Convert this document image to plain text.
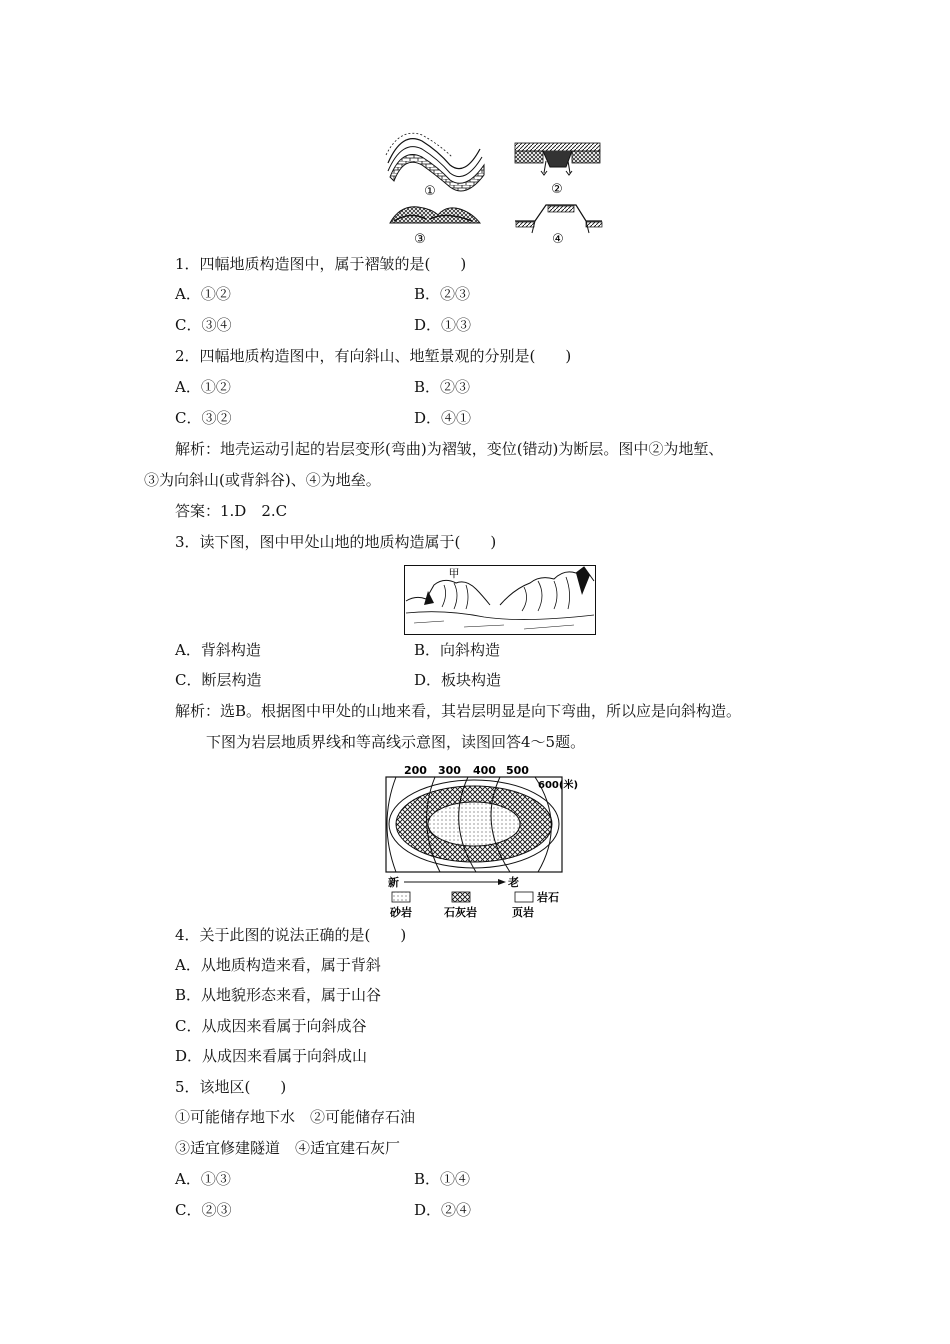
①	②
③	④
1．四幅地质构造图中，属于褶皱的是(　　)
A．①②	B．②③
C．③④	D．①③
2．四幅地质构造图中，有向斜山、地堑景观的分别是(　　)
A．①②	B．②③
C．③②	D．④①
解析：地壳运动引起的岩层变形(弯曲)为褶皱，变位(错动)为断层。图中②为地堑、
③为向斜山(或背斜谷)、④为地垒。
答案：1.D　2.C
3．读下图，图中甲处山地的地质构造属于(　　)
甲
A．背斜构造	B．向斜构造
C．断层构造	D．板块构造
解析：选B。根据图中甲处的山地来看，其岩层明显是向下弯曲，所以应是向斜构造。
下图为岩层地质界线和等高线示意图，读图回答4～5题。
200 300 400 500
600(米)
新	老
岩石
砂岩	石灰岩	页岩
4．关于此图的说法正确的是(　　)
A．从地质构造来看，属于背斜
B．从地貌形态来看，属于山谷
C．从成因来看属于向斜成谷
D．从成因来看属于向斜成山
5．该地区(　　)
①可能储存地下水　②可能储存石油
③适宜修建隧道　④适宜建石灰厂
A．①③	B．①④
C．②③	D．②④
